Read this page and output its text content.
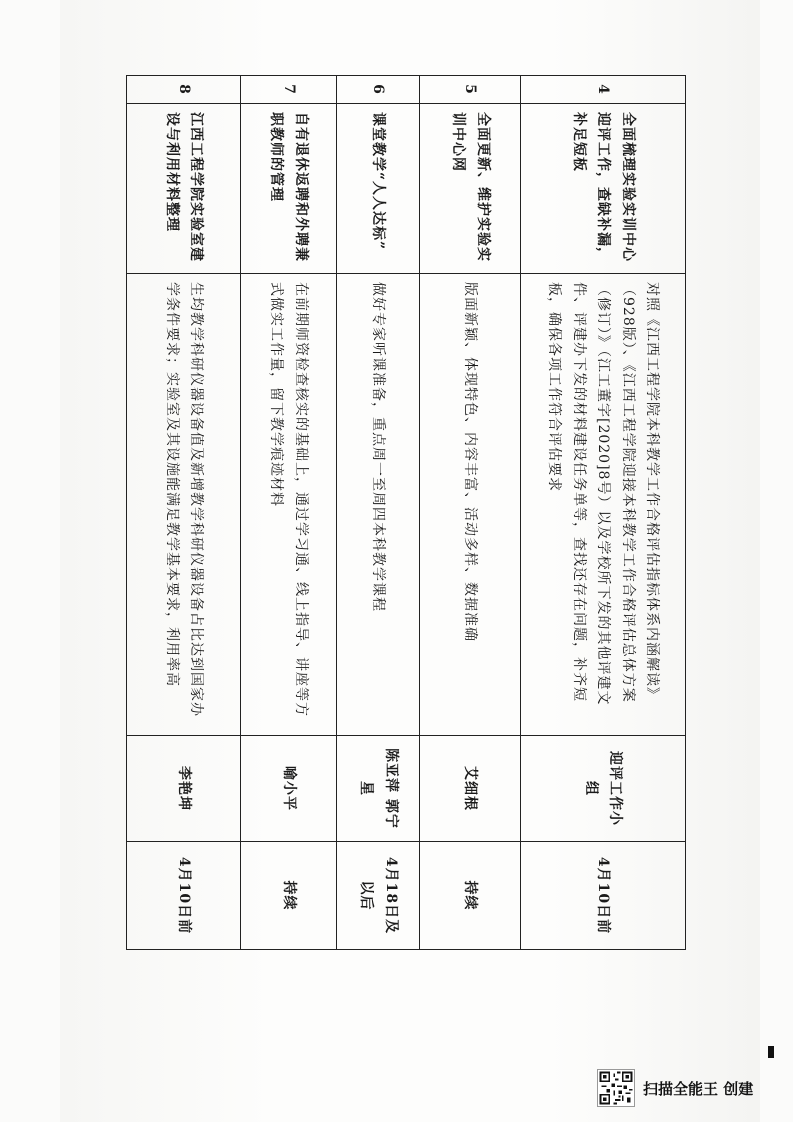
4	全面梳理实验实训中心迎评工作，查缺补漏，补足短板	对照《江西工程学院本科教学工作合格评估指标体系内涵解读》（928版）、《江西工程学院迎接本科教学工作合格评估总体方案（修订）》（江工董字[2020]8号）以及学校所下发的其他评建文件、评建办下发的材料建设任务单等，查找还存在问题，补齐短板，确保各项工作符合评估要求	迎评工作小组	4月10日前
5	全面更新、维护实验实训中心网	版面新颖、体现特色、内容丰富、活动多样、数据准确	艾细根	持续
6	课堂教学“人人达标”	做好专家听课准备，重点周一至周四本科教学课程	陈亚萍 郭宁星	4月18日及以后
7	自有退休返聘和外聘兼职教师的管理	在前期师资检查核实的基础上，通过学习通、线上指导、讲座等方式做实工作量，留下教学痕迹材料	喻小平	持续
8	江西工程学院实验室建设与利用材料整理	生均教学科研仪器设备值及新增教学科研仪器设备占比达到国家办学条件要求；实验室及其设施能满足教学基本要求，利用率高	李艳坤	4月10日前
扫描全能王 创建
